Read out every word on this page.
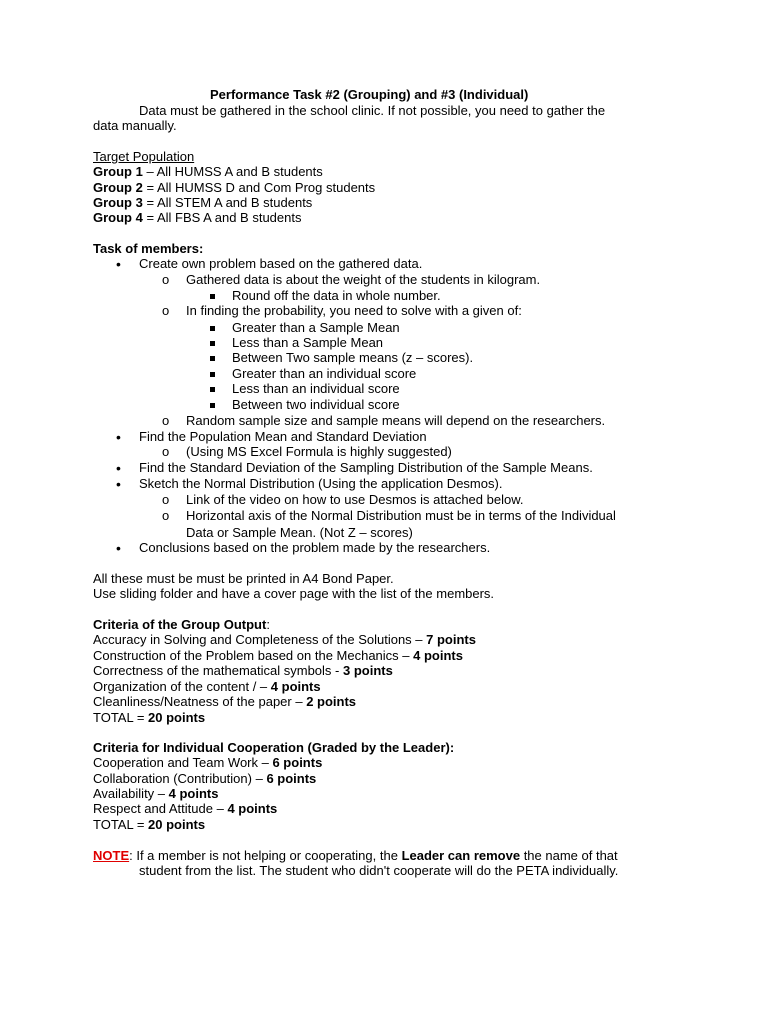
Performance Task #2 (Grouping) and #3 (Individual)
Data must be gathered in the school clinic. If not possible, you need to gather the
data manually.
Target Population
Group 1 – All HUMSS A and B students
Group 2 = All HUMSS D and Com Prog students
Group 3 = All STEM A and B students
Group 4 = All FBS A and B students
Task of members:
• Create own problem based on the gathered data.
o Gathered data is about the weight of the students in kilogram.
Round off the data in whole number.
o In finding the probability, you need to solve with a given of:
Greater than a Sample Mean
Less than a Sample Mean
Between Two sample means (z – scores).
Greater than an individual score
Less than an individual score
Between two individual score
o Random sample size and sample means will depend on the researchers.
• Find the Population Mean and Standard Deviation
o (Using MS Excel Formula is highly suggested)
• Find the Standard Deviation of the Sampling Distribution of the Sample Means.
• Sketch the Normal Distribution (Using the application Desmos).
o Link of the video on how to use Desmos is attached below.
o Horizontal axis of the Normal Distribution must be in terms of the Individual
Data or Sample Mean. (Not Z – scores)
• Conclusions based on the problem made by the researchers.
All these must be must be printed in A4 Bond Paper.
Use sliding folder and have a cover page with the list of the members.
Criteria of the Group Output:
Accuracy in Solving and Completeness of the Solutions – 7 points
Construction of the Problem based on the Mechanics – 4 points
Correctness of the mathematical symbols - 3 points
Organization of the content / – 4 points
Cleanliness/Neatness of the paper – 2 points
TOTAL = 20 points
Criteria for Individual Cooperation (Graded by the Leader):
Cooperation and Team Work – 6 points
Collaboration (Contribution) – 6 points
Availability – 4 points
Respect and Attitude – 4 points
TOTAL = 20 points
NOTE: If a member is not helping or cooperating, the Leader can remove the name of that
student from the list. The student who didn't cooperate will do the PETA individually.
